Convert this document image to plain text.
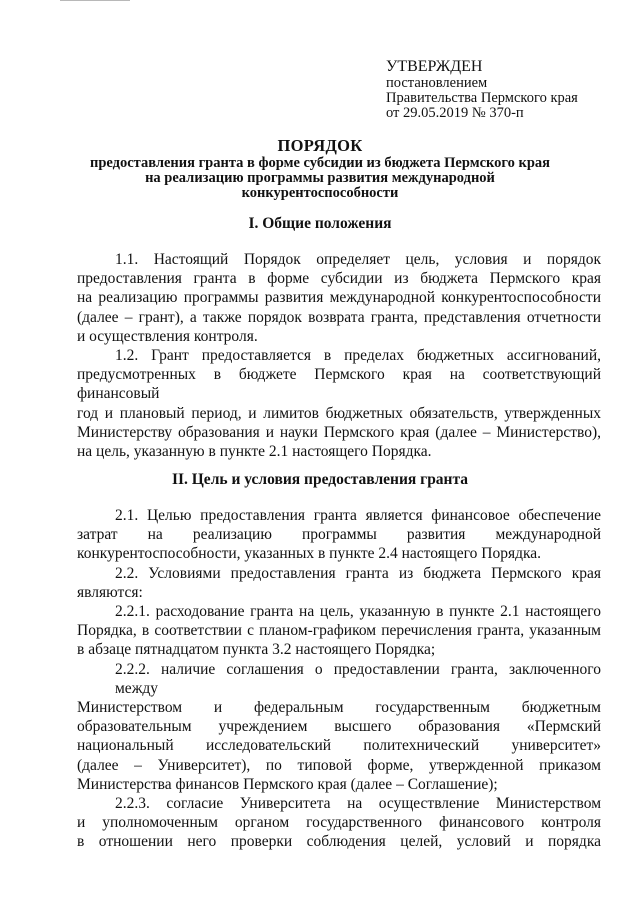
УТВЕРЖДЕН
постановлением
Правительства Пермского края
от 29.05.2019 № 370-п
ПОРЯДОК
предоставления гранта в форме субсидии из бюджета Пермского края
на реализацию программы развития международной
конкурентоспособности
I. Общие положения
1.1. Настоящий Порядок определяет цель, условия и порядок
предоставления гранта в форме субсидии из бюджета Пермского края
на реализацию программы развития международной конкурентоспособности
(далее – грант), а также порядок возврата гранта, представления отчетности
и осуществления контроля.
1.2. Грант предоставляется в пределах бюджетных ассигнований,
предусмотренных в бюджете Пермского края на соответствующий финансовый
год и плановый период, и лимитов бюджетных обязательств, утвержденных
Министерству образования и науки Пермского края (далее – Министерство),
на цель, указанную в пункте 2.1 настоящего Порядка.
II. Цель и условия предоставления гранта
2.1. Целью предоставления гранта является финансовое обеспечение
затрат на реализацию программы развития международной
конкурентоспособности, указанных в пункте 2.4 настоящего Порядка.
2.2. Условиями предоставления гранта из бюджета Пермского края
являются:
2.2.1. расходование гранта на цель, указанную в пункте 2.1 настоящего
Порядка, в соответствии с планом-графиком перечисления гранта, указанным
в абзаце пятнадцатом пункта 3.2 настоящего Порядка;
2.2.2. наличие соглашения о предоставлении гранта, заключенного между
Министерством и федеральным государственным бюджетным
образовательным учреждением высшего образования «Пермский
национальный исследовательский политехнический университет»
(далее – Университет), по типовой форме, утвержденной приказом
Министерства финансов Пермского края (далее – Соглашение);
2.2.3. согласие Университета на осуществление Министерством
и уполномоченным органом государственного финансового контроля
в отношении него проверки соблюдения целей, условий и порядка
